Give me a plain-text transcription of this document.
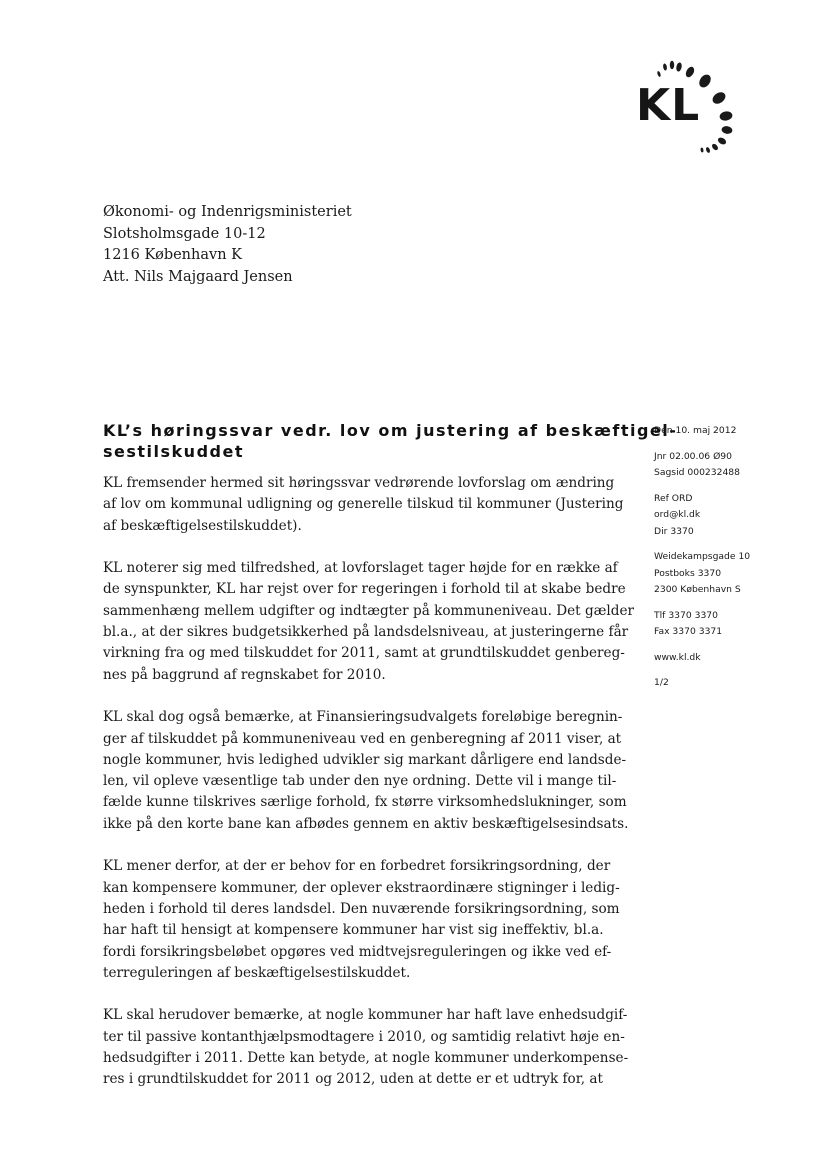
KL
Økonomi- og Indenrigsministeriet
Slotsholmsgade 10-12
1216 København K
Att. Nils Majgaard Jensen
KL’s høringssvar vedr. lov om justering af beskæftigel-
sestilskuddet
KL fremsender hermed sit høringssvar vedrørende lovforslag om ændring
af lov om kommunal udligning og generelle tilskud til kommuner (Justering
af beskæftigelsestilskuddet).
KL noterer sig med tilfredshed, at lovforslaget tager højde for en række af
de synspunkter, KL har rejst over for regeringen i forhold til at skabe bedre
sammenhæng mellem udgifter og indtægter på kommuneniveau. Det gælder
bl.a., at der sikres budgetsikkerhed på landsdelsniveau, at justeringerne får
virkning fra og med tilskuddet for 2011, samt at grundtilskuddet genbereg-
nes på baggrund af regnskabet for 2010.
KL skal dog også bemærke, at Finansieringsudvalgets foreløbige beregnin-
ger af tilskuddet på kommuneniveau ved en genberegning af 2011 viser, at
nogle kommuner, hvis ledighed udvikler sig markant dårligere end landsde-
len, vil opleve væsentlige tab under den nye ordning. Dette vil i mange til-
fælde kunne tilskrives særlige forhold, fx større virksomhedslukninger, som
ikke på den korte bane kan afbødes gennem en aktiv beskæftigelsesindsats.
KL mener derfor, at der er behov for en forbedret forsikringsordning, der
kan kompensere kommuner, der oplever ekstraordinære stigninger i ledig-
heden i forhold til deres landsdel. Den nuværende forsikringsordning, som
har haft til hensigt at kompensere kommuner har vist sig ineffektiv, bl.a.
fordi forsikringsbeløbet opgøres ved midtvejsreguleringen og ikke ved ef-
terreguleringen af beskæftigelsestilskuddet.
KL skal herudover bemærke, at nogle kommuner har haft lave enhedsudgif-
ter til passive kontanthjælpsmodtagere i 2010, og samtidig relativt høje en-
hedsudgifter i 2011. Dette kan betyde, at nogle kommuner underkompense-
res i grundtilskuddet for 2011 og 2012, uden at dette er et udtryk for, at
Den 10. maj 2012
Jnr 02.00.06 Ø90
Sagsid 000232488
Ref ORD
ord@kl.dk
Dir 3370
Weidekampsgade 10
Postboks 3370
2300 København S
Tlf 3370 3370
Fax 3370 3371
www.kl.dk
1/2
